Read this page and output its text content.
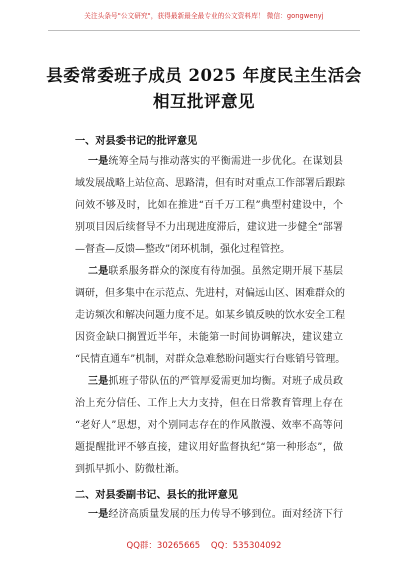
关注头条号"公文研究"，获得最新最全最专业的公文资料库！ 微信：gongwenyj
县委常委班子成员 2025 年度民主生活会
相互批评意见
一、对县委书记的批评意见
一是统筹全局与推动落实的平衡需进一步优化。在谋划县
域发展战略上站位高、思路清，但有时对重点工作部署后跟踪
问效不够及时，比如在推进“百千万工程”典型村建设中，个
别项目因后续督导不力出现进度滞后，建议进一步健全“部署
—督查—反馈—整改”闭环机制，强化过程管控。
二是联系服务群众的深度有待加强。虽然定期开展下基层
调研，但多集中在示范点、先进村，对偏远山区、困难群众的
走访频次和解决问题力度不足。如某乡镇反映的饮水安全工程
因资金缺口搁置近半年，未能第一时间协调解决，建议建立
“民情直通车”机制，对群众急难愁盼问题实行台账销号管理。
三是抓班子带队伍的严管厚爱需更加均衡。对班子成员政
治上充分信任、工作上大力支持，但在日常教育管理上存在
“老好人”思想，对个别同志存在的作风散漫、效率不高等问
题提醒批评不够直接，建议用好监督执纪“第一种形态”，做
到抓早抓小、防微杜渐。
二、对县委副书记、县长的批评意见
一是经济高质量发展的压力传导不够到位。面对经济下行
QQ群：30265665 QQ：535304092
